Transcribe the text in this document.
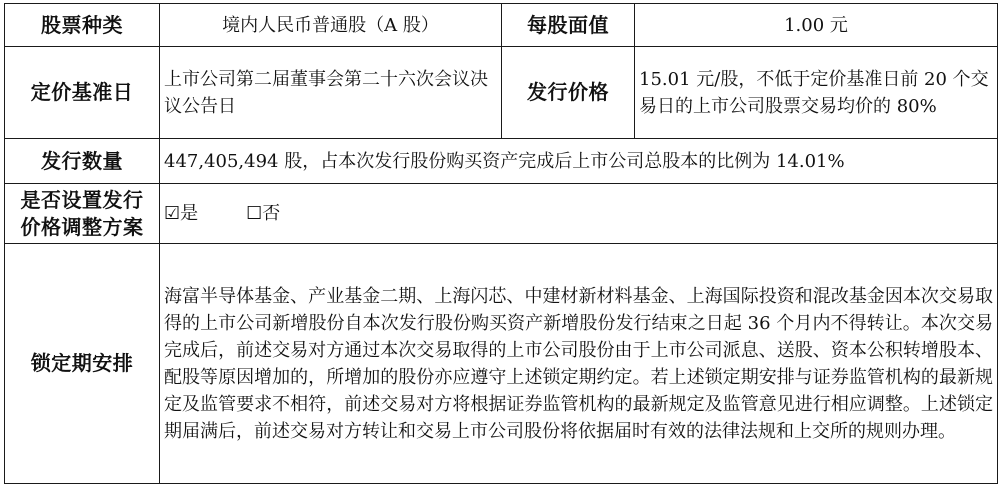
股票种类	境内人民币普通股（A 股）	每股面值	1.00 元
定价基准日	上市公司第二届董事会第二十六次会议决议公告日	发行价格	15.01 元/股，不低于定价基准日前 20 个交易日的上市公司股票交易均价的 80%
发行数量	447,405,494 股，占本次发行股份购买资产完成后上市公司总股本的比例为 14.01%		

是否设置发行
价格调整方案	☑是 ☐否		
锁定期安排	海富半导体基金、产业基金二期、上海闪芯、中建材新材料基金、上海国际投资和混改基金因本次交易取得的上市公司新增股份自本次发行股份购买资产新增股份发行结束之日起 36 个月内不得转让。本次交易完成后，前述交易对方通过本次交易取得的上市公司股份由于上市公司派息、送股、资本公积转增股本、配股等原因增加的，所增加的股份亦应遵守上述锁定期约定。若上述锁定期安排与证券监管机构的最新规定及监管要求不相符，前述交易对方将根据证券监管机构的最新规定及监管意见进行相应调整。上述锁定期届满后，前述交易对方转让和交易上市公司股份将依据届时有效的法律法规和上交所的规则办理。		
